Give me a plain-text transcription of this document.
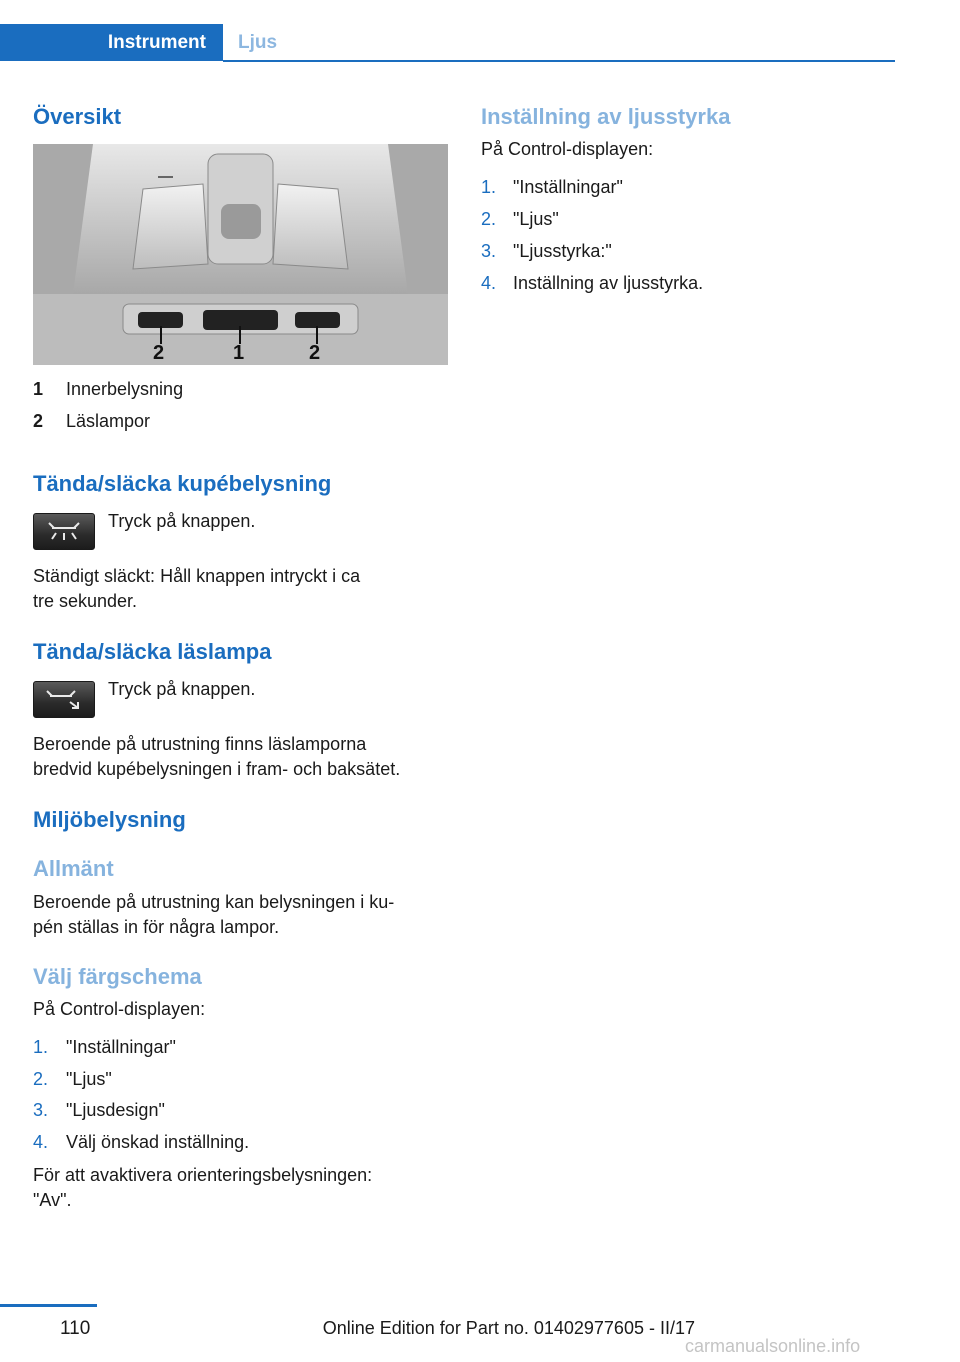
Instrument	Ljus
Översikt
2	1	2
1 Innerbelysning
2 Läslampor
Tända/släcka kupébelysning

Tryck på knappen.

Ständigt släckt: Håll knappen intryckt i ca

tre sekunder.

Tända/släcka läslampa

Tryck på knappen.

Beroende på utrustning finns läslamporna

bredvid kupébelysningen i fram- och baksätet.

Miljöbelysning
Allmänt

Beroende på utrustning kan belysningen i ku‐

pén ställas in för några lampor.

Välj färgschema

På Control-displayen:

1. "Inställningar"
2. "Ljus"
3. "Ljusdesign"
4. Välj önskad inställning.

För att avaktivera orienteringsbelysningen:

"Av".

Inställning av ljusstyrka

På Control-displayen:

1. "Inställningar"
2. "Ljus"
3. "Ljusstyrka:"
4. Inställning av ljusstyrka.
110	Online Edition for Part no. 01402977605 - II/17
carmanualsonline.info
